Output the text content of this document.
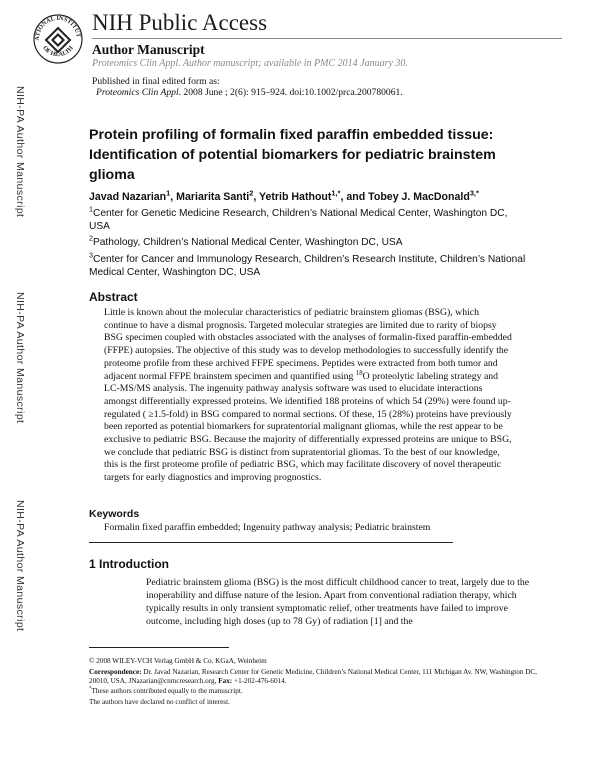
ATIONAL INSTITUT
OF HEALTH
NIH Public Access
Author Manuscript
Proteomics Clin Appl. Author manuscript; available in PMC 2014 January 30.
Published in final edited form as:
Proteomics Clin Appl. 2008 June ; 2(6): 915–924. doi:10.1002/prca.200780061.
NIH-PA Author Manuscript
NIH-PA Author Manuscript
NIH-PA Author Manuscript
Protein profiling of formalin fixed paraffin embedded tissue: Identification of potential biomarkers for pediatric brainstem glioma
Javad Nazarian$^1$, Mariarita Santi$^2$, Yetrib Hathout$^{1,*}$, and Tobey J. MacDonald$^{3,*}$
$^1$Center for Genetic Medicine Research, Children’s National Medical Center, Washington DC, USA
$^2$Pathology, Children’s National Medical Center, Washington DC, USA
$^3$Center for Cancer and Immunology Research, Children’s Research Institute, Children’s National Medical Center, Washington DC, USA
Abstract
Little is known about the molecular characteristics of pediatric brainstem gliomas (BSG), which continue to have a dismal prognosis. Targeted molecular strategies are limited due to rarity of biopsy BSG specimen coupled with obstacles associated with the analyses of formalin-fixed paraffin-embedded (FFPE) autopsies. The objective of this study was to develop methodologies to successfully identify the proteome profile from these archived FFPE specimens. Peptides were extracted from both tumor and adjacent normal FFPE brainstem specimen and quantified using $^{18}$O proteolytic labeling strategy and LC-MS/MS analysis. The ingenuity pathway analysis software was used to elucidate interactions amongst differentially expressed proteins. We identified 188 proteins of which 54 (29%) were found up-regulated ( ≥1.5-fold) in BSG compared to normal sections. Of these, 15 (28%) proteins have previously been reported as potential biomarkers for supratentorial malignant gliomas, while the rest appear to be exclusive to pediatric BSG. Because the majority of differentially expressed proteins are unique to BSG, we conclude that pediatric BSG is distinct from supratentorial gliomas. To the best of our knowledge, this is the first proteome profile of pediatric BSG, which may facilitate discovery of novel therapeutic targets for early diagnostics and improving prognostics.
Keywords
Formalin fixed paraffin embedded; Ingenuity pathway analysis; Pediatric brainstem
1 Introduction
Pediatric brainstem glioma (BSG) is the most difficult childhood cancer to treat, largely due to the inoperability and diffuse nature of the lesion. Apart from conventional radiation therapy, which typically results in only transient symptomatic relief, other treatments have failed to improve outcome, including high doses (up to 78 Gy) of radiation [1] and the
© 2008 WILEY-VCH Verlag GmbH & Co. KGaA, Weinheim
Correspondence: Dr. Javad Nazarian, Research Center for Genetic Medicine, Children’s National Medical Center, 111 Michigan Av. NW, Washington DC, 20010, USA, JNazarian@cnmcresearch.org, Fax: +1-202-476-6014.
*These authors contributed equally to the manuscript.
The authors have declared no conflict of interest.
